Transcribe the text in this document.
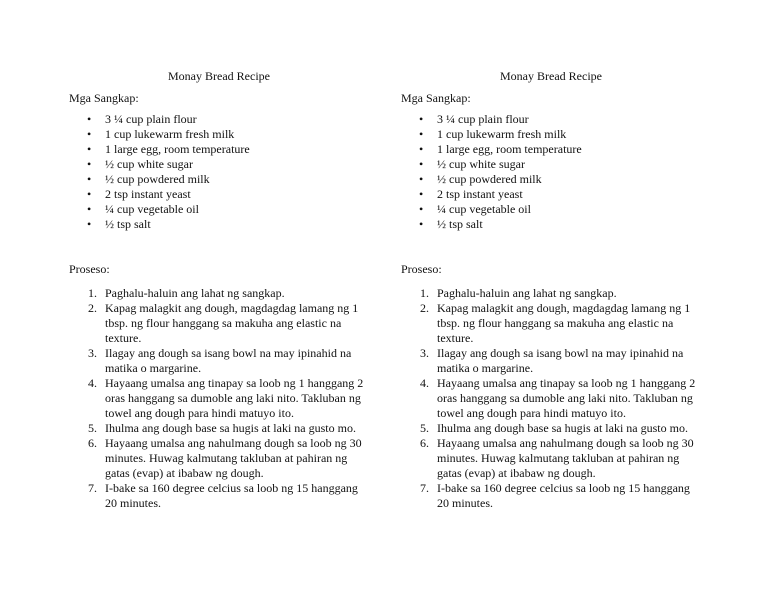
Monay Bread Recipe
Mga Sangkap:
• 3 ¼ cup plain flour
• 1 cup lukewarm fresh milk
• 1 large egg, room temperature
• ½ cup white sugar
• ½ cup powdered milk
• 2 tsp instant yeast
• ¼ cup vegetable oil
• ½ tsp salt
Proseso:
1. Paghalu-haluin ang lahat ng sangkap.
2. Kapag malagkit ang dough, magdagdag lamang ng 1 tbsp. ng flour hanggang sa makuha ang elastic na texture.
3. Ilagay ang dough sa isang bowl na may ipinahid na matika o margarine.
4. Hayaang umalsa ang tinapay sa loob ng 1 hanggang 2 oras hanggang sa dumoble ang laki nito. Takluban ng towel ang dough para hindi matuyo ito.
5. Ihulma ang dough base sa hugis at laki na gusto mo.
6. Hayaang umalsa ang nahulmang dough sa loob ng 30 minutes. Huwag kalmutang takluban at pahiran ng gatas (evap) at ibabaw ng dough.
7. I-bake sa 160 degree celcius sa loob ng 15 hanggang 20 minutes.
Monay Bread Recipe
Mga Sangkap:
• 3 ¼ cup plain flour
• 1 cup lukewarm fresh milk
• 1 large egg, room temperature
• ½ cup white sugar
• ½ cup powdered milk
• 2 tsp instant yeast
• ¼ cup vegetable oil
• ½ tsp salt
Proseso:
1. Paghalu-haluin ang lahat ng sangkap.
2. Kapag malagkit ang dough, magdagdag lamang ng 1 tbsp. ng flour hanggang sa makuha ang elastic na texture.
3. Ilagay ang dough sa isang bowl na may ipinahid na matika o margarine.
4. Hayaang umalsa ang tinapay sa loob ng 1 hanggang 2 oras hanggang sa dumoble ang laki nito. Takluban ng towel ang dough para hindi matuyo ito.
5. Ihulma ang dough base sa hugis at laki na gusto mo.
6. Hayaang umalsa ang nahulmang dough sa loob ng 30 minutes. Huwag kalmutang takluban at pahiran ng gatas (evap) at ibabaw ng dough.
7. I-bake sa 160 degree celcius sa loob ng 15 hanggang 20 minutes.
